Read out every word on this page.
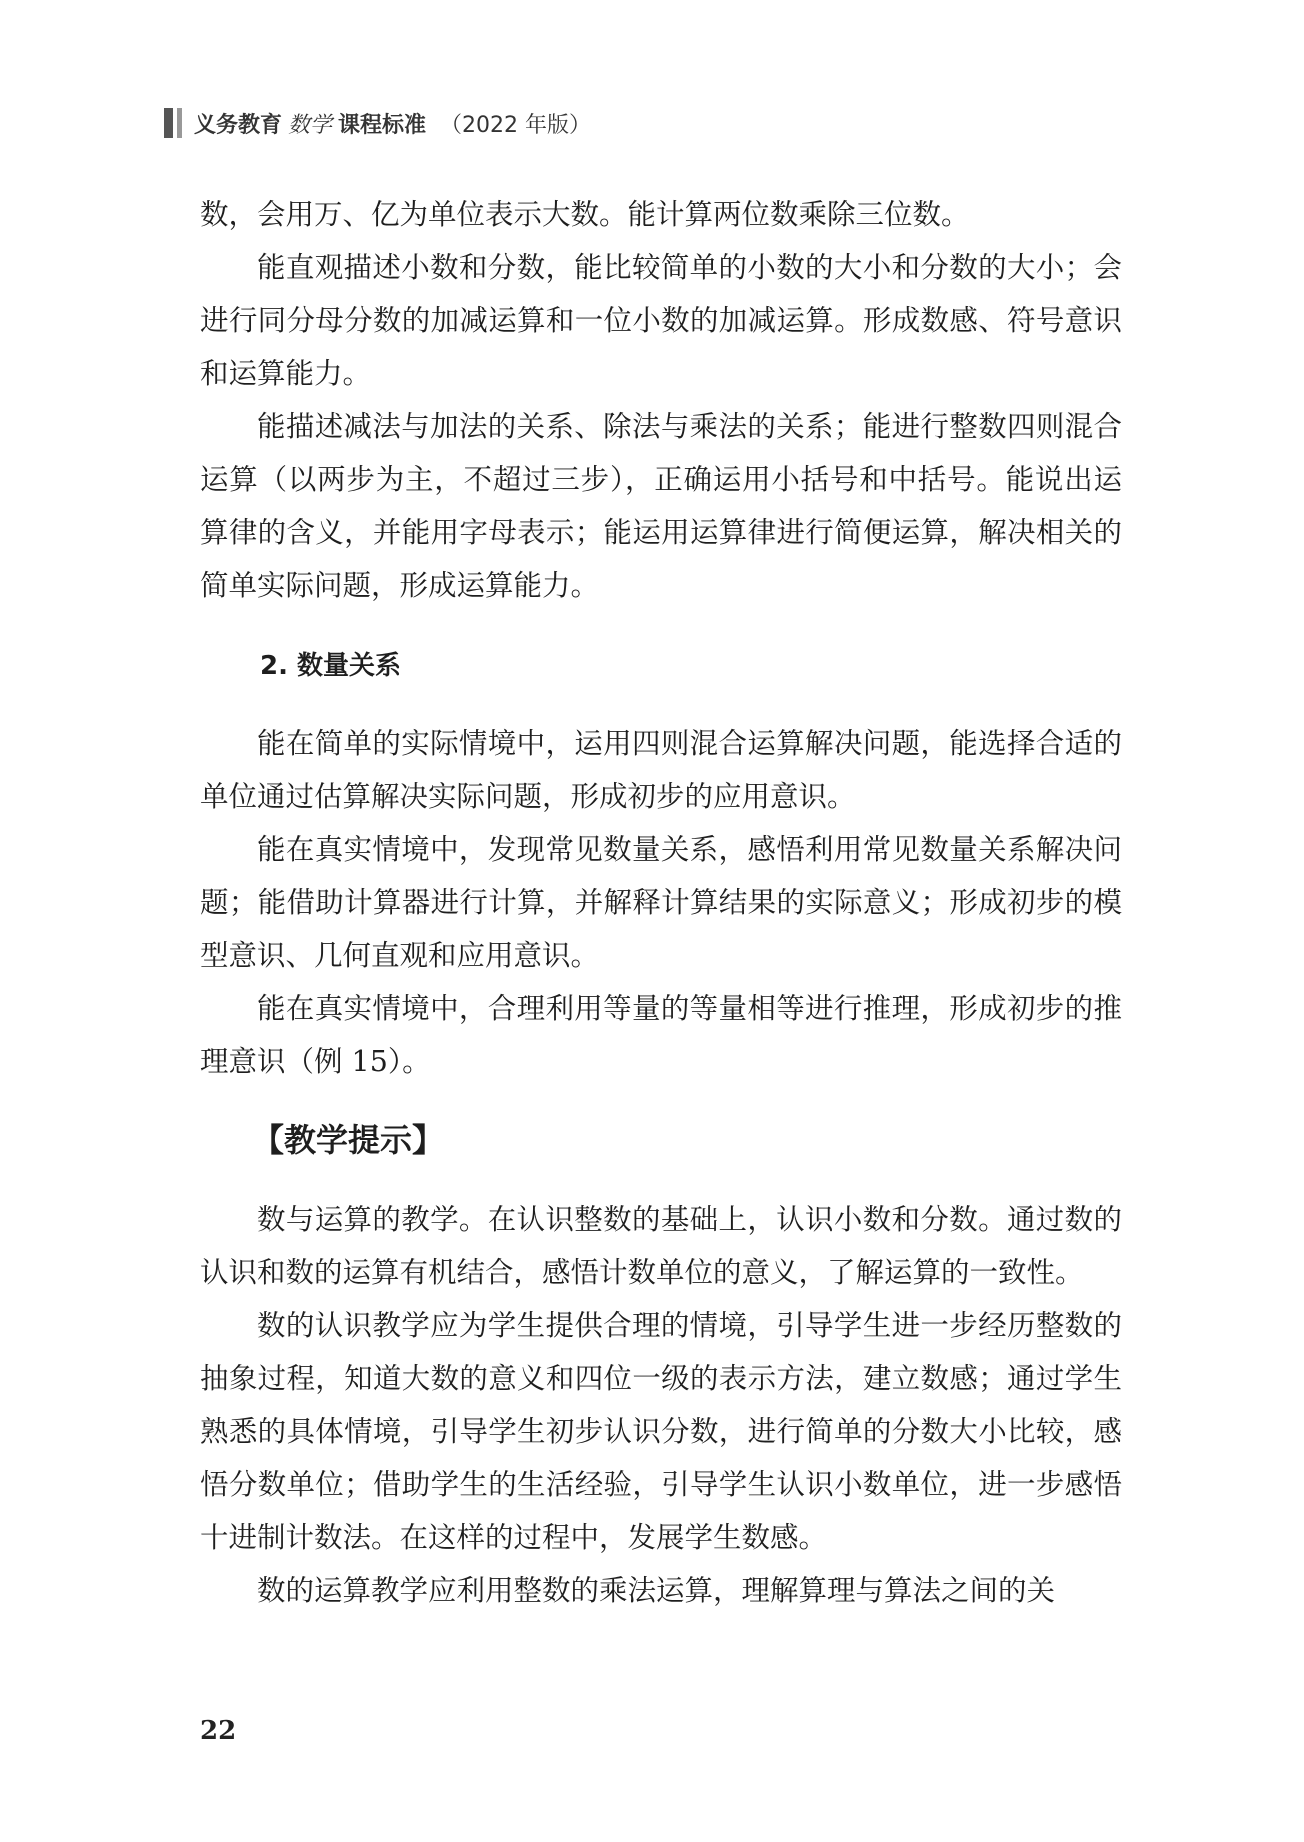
义务教育 数学 课程标准 （2022 年版）

数，会用万、亿为单位表示大数。能计算两位数乘除三位数。

能直观描述小数和分数，能比较简单的小数的大小和分数的大小；会进行同分母分数的加减运算和一位小数的加减运算。形成数感、符号意识和运算能力。

能描述减法与加法的关系、除法与乘法的关系；能进行整数四则混合运算（以两步为主，不超过三步），正确运用小括号和中括号。能说出运算律的含义，并能用字母表示；能运用运算律进行简便运算，解决相关的简单实际问题，形成运算能力。

2. 数量关系

能在简单的实际情境中，运用四则混合运算解决问题，能选择合适的单位通过估算解决实际问题，形成初步的应用意识。

能在真实情境中，发现常见数量关系，感悟利用常见数量关系解决问题；能借助计算器进行计算，并解释计算结果的实际意义；形成初步的模型意识、几何直观和应用意识。

能在真实情境中，合理利用等量的等量相等进行推理，形成初步的推理意识（例 15）。

【教学提示】

数与运算的教学。在认识整数的基础上，认识小数和分数。通过数的认识和数的运算有机结合，感悟计数单位的意义，了解运算的一致性。

数的认识教学应为学生提供合理的情境，引导学生进一步经历整数的抽象过程，知道大数的意义和四位一级的表示方法，建立数感；通过学生熟悉的具体情境，引导学生初步认识分数，进行简单的分数大小比较，感悟分数单位；借助学生的生活经验，引导学生认识小数单位，进一步感悟十进制计数法。在这样的过程中，发展学生数感。

数的运算教学应利用整数的乘法运算，理解算理与算法之间的关

22
